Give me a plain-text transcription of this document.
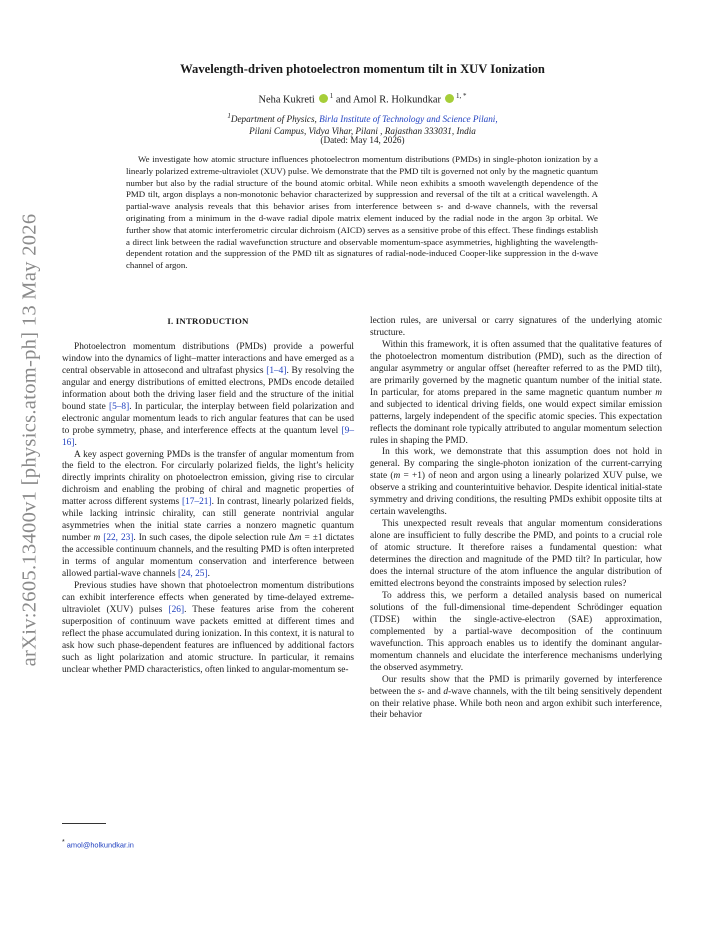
arXiv:2605.13400v1 [physics.atom-ph] 13 May 2026
Wavelength-driven photoelectron momentum tilt in XUV Ionization
Neha Kukreti $^1$ and Amol R. Holkundkar $^{1, *}$
$^1$Department of Physics, Birla Institute of Technology and Science Pilani,
Pilani Campus, Vidya Vihar, Pilani , Rajasthan 333031, India
(Dated: May 14, 2026)
We investigate how atomic structure influences photoelectron momentum distributions (PMDs) in single-photon ionization by a linearly polarized extreme-ultraviolet (XUV) pulse. We demonstrate that the PMD tilt is governed not only by the magnetic quantum number but also by the radial structure of the bound atomic orbital. While neon exhibits a smooth wavelength dependence of the PMD tilt, argon displays a non-monotonic behavior characterized by suppression and reversal of the tilt at a critical wavelength. A partial-wave analysis reveals that this behavior arises from interference between s- and d-wave channels, with the reversal originating from a minimum in the d-wave radial dipole matrix element induced by the radial node in the argon 3p orbital. We further show that atomic interferometric circular dichroism (AICD) serves as a sensitive probe of this effect. These findings establish a direct link between the radial wavefunction structure and observable momentum-space asymmetries, highlighting the wavelength-dependent rotation and the suppression of the PMD tilt as signatures of radial-node-induced Cooper-like suppression in the d-wave channel of argon.
I. INTRODUCTION

Photoelectron momentum distributions (PMDs) provide a powerful window into the dynamics of light–matter interactions and have emerged as a central observable in attosecond and ultrafast physics [1–4]. By resolving the angular and energy distributions of emitted electrons, PMDs encode detailed information about both the driving laser field and the structure of the initial bound state [5–8]. In particular, the interplay between field polarization and electronic angular momentum leads to rich angular features that can be used to probe symmetry, phase, and interference effects at the quantum level [9–16].

A key aspect governing PMDs is the transfer of angular momentum from the field to the electron. For circularly polarized fields, the light’s helicity directly imprints chirality on photoelectron emission, giving rise to circular dichroism and enabling the probing of chiral and magnetic properties of matter across different systems [17–21]. In contrast, linearly polarized fields, while lacking intrinsic chirality, can still generate nontrivial angular asymmetries when the initial state carries a nonzero magnetic quantum number m [22, 23]. In such cases, the dipole selection rule Δm = ±1 dictates the accessible continuum channels, and the resulting PMD is often interpreted in terms of angular momentum conservation and interference between allowed partial-wave channels [24, 25].

Previous studies have shown that photoelectron momentum distributions can exhibit interference effects when generated by time-delayed extreme-ultraviolet (XUV) pulses [26]. These features arise from the coherent superposition of continuum wave packets emitted at different times and reflect the phase accumulated during ionization. In this context, it is natural to ask how such phase-dependent features are influenced by additional factors such as light polarization and atomic structure. In particular, it remains unclear whether PMD characteristics, often linked to angular-momentum se-

lection rules, are universal or carry signatures of the underlying atomic structure.

Within this framework, it is often assumed that the qualitative features of the photoelectron momentum distribution (PMD), such as the direction of angular asymmetry or angular offset (hereafter referred to as the PMD tilt), are primarily governed by the magnetic quantum number of the initial state. In particular, for atoms prepared in the same magnetic quantum number m and subjected to identical driving fields, one would expect similar emission patterns, largely independent of the specific atomic species. This expectation reflects the dominant role typically attributed to angular momentum selection rules in shaping the PMD.

In this work, we demonstrate that this assumption does not hold in general. By comparing the single-photon ionization of the current-carrying state (m = +1) of neon and argon using a linearly polarized XUV pulse, we observe a striking and counterintuitive behavior. Despite identical initial-state symmetry and driving conditions, the resulting PMDs exhibit opposite tilts at certain wavelengths.

This unexpected result reveals that angular momentum considerations alone are insufficient to fully describe the PMD, and points to a crucial role of atomic structure. It therefore raises a fundamental question: what determines the direction and magnitude of the PMD tilt? In particular, how does the internal structure of the atom influence the angular distribution of emitted electrons beyond the constraints imposed by selection rules?

To address this, we perform a detailed analysis based on numerical solutions of the full-dimensional time-dependent Schrödinger equation (TDSE) within the single-active-electron (SAE) approximation, complemented by a partial-wave decomposition of the continuum wavefunction. This approach enables us to identify the dominant angular-momentum channels and elucidate the interference mechanisms underlying the observed asymmetry.

Our results show that the PMD is primarily governed by interference between the s- and d-wave channels, with the tilt being sensitively dependent on their relative phase. While both neon and argon exhibit such interference, their behavior

* amol@holkundkar.in
